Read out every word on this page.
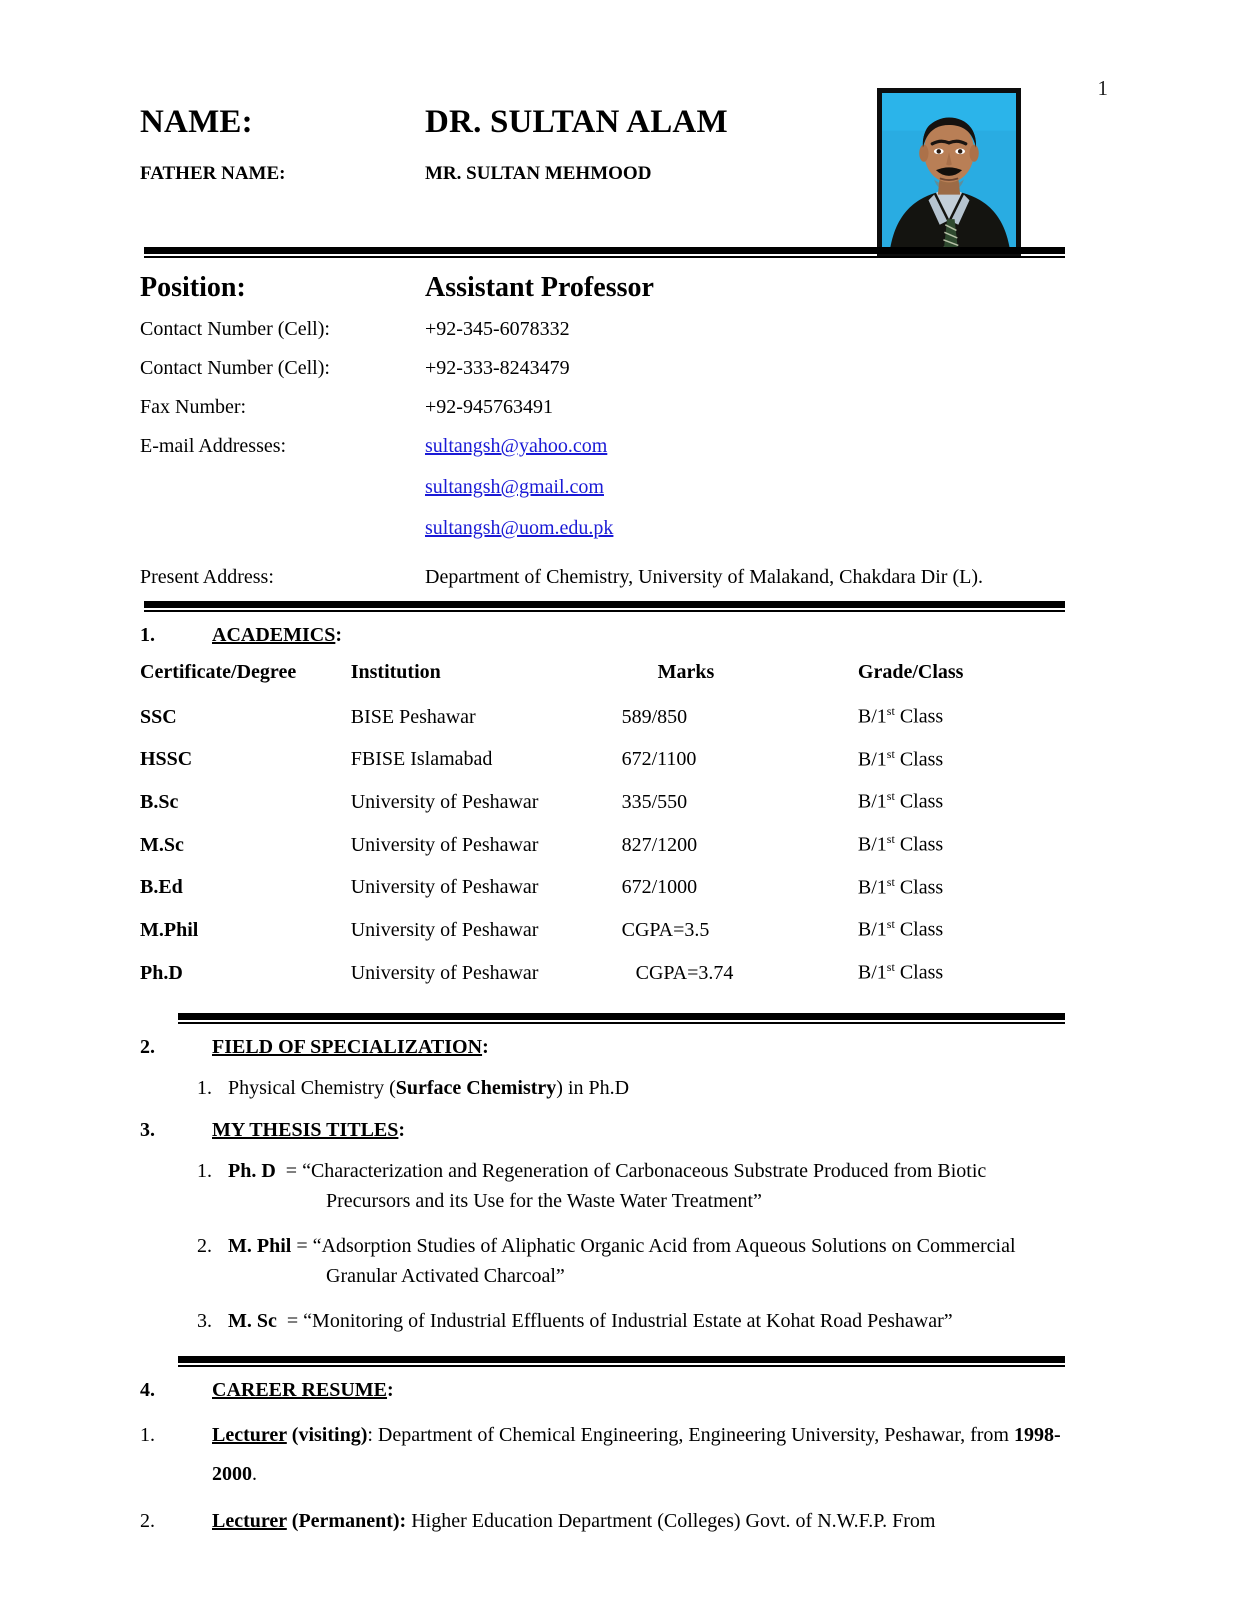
1
NAME:	DR. SULTAN ALAM
FATHER NAME:	MR. SULTAN MEHMOOD
Position:	Assistant Professor
Contact Number (Cell):	+92-345-6078332
Contact Number (Cell):	+92-333-8243479
Fax Number:	+92-945763491
E-mail Addresses:	sultangsh@yahoo.com
sultangsh@gmail.com
sultangsh@uom.edu.pk
Present Address:	Department of Chemistry, University of Malakand, Chakdara Dir (L).
1.	ACADEMICS:
Certificate/Degree	Institution	Marks	Grade/Class
SSC	BISE Peshawar	589/850	B/1st Class
HSSC	FBISE Islamabad	672/1100	B/1st Class
B.Sc	University of Peshawar	335/550	B/1st Class
M.Sc	University of Peshawar	827/1200	B/1st Class
B.Ed	University of Peshawar	672/1000	B/1st Class
M.Phil	University of Peshawar	CGPA=3.5	B/1st Class
Ph.D	University of Peshawar	CGPA=3.74	B/1st Class
2.	FIELD OF SPECIALIZATION:
1. Physical Chemistry (Surface Chemistry) in Ph.D
3.	MY THESIS TITLES:
1. Ph. D = “Characterization and Regeneration of Carbonaceous Substrate Produced from Biotic
Precursors and its Use for the Waste Water Treatment”
2. M. Phil = “Adsorption Studies of Aliphatic Organic Acid from Aqueous Solutions on Commercial
Granular Activated Charcoal”
3. M. Sc = “Monitoring of Industrial Effluents of Industrial Estate at Kohat Road Peshawar”
4.	CAREER RESUME:
1.	Lecturer (visiting): Department of Chemical Engineering, Engineering University, Peshawar, from 1998-2000.
2.	Lecturer (Permanent): Higher Education Department (Colleges) Govt. of N.W.F.P. From
